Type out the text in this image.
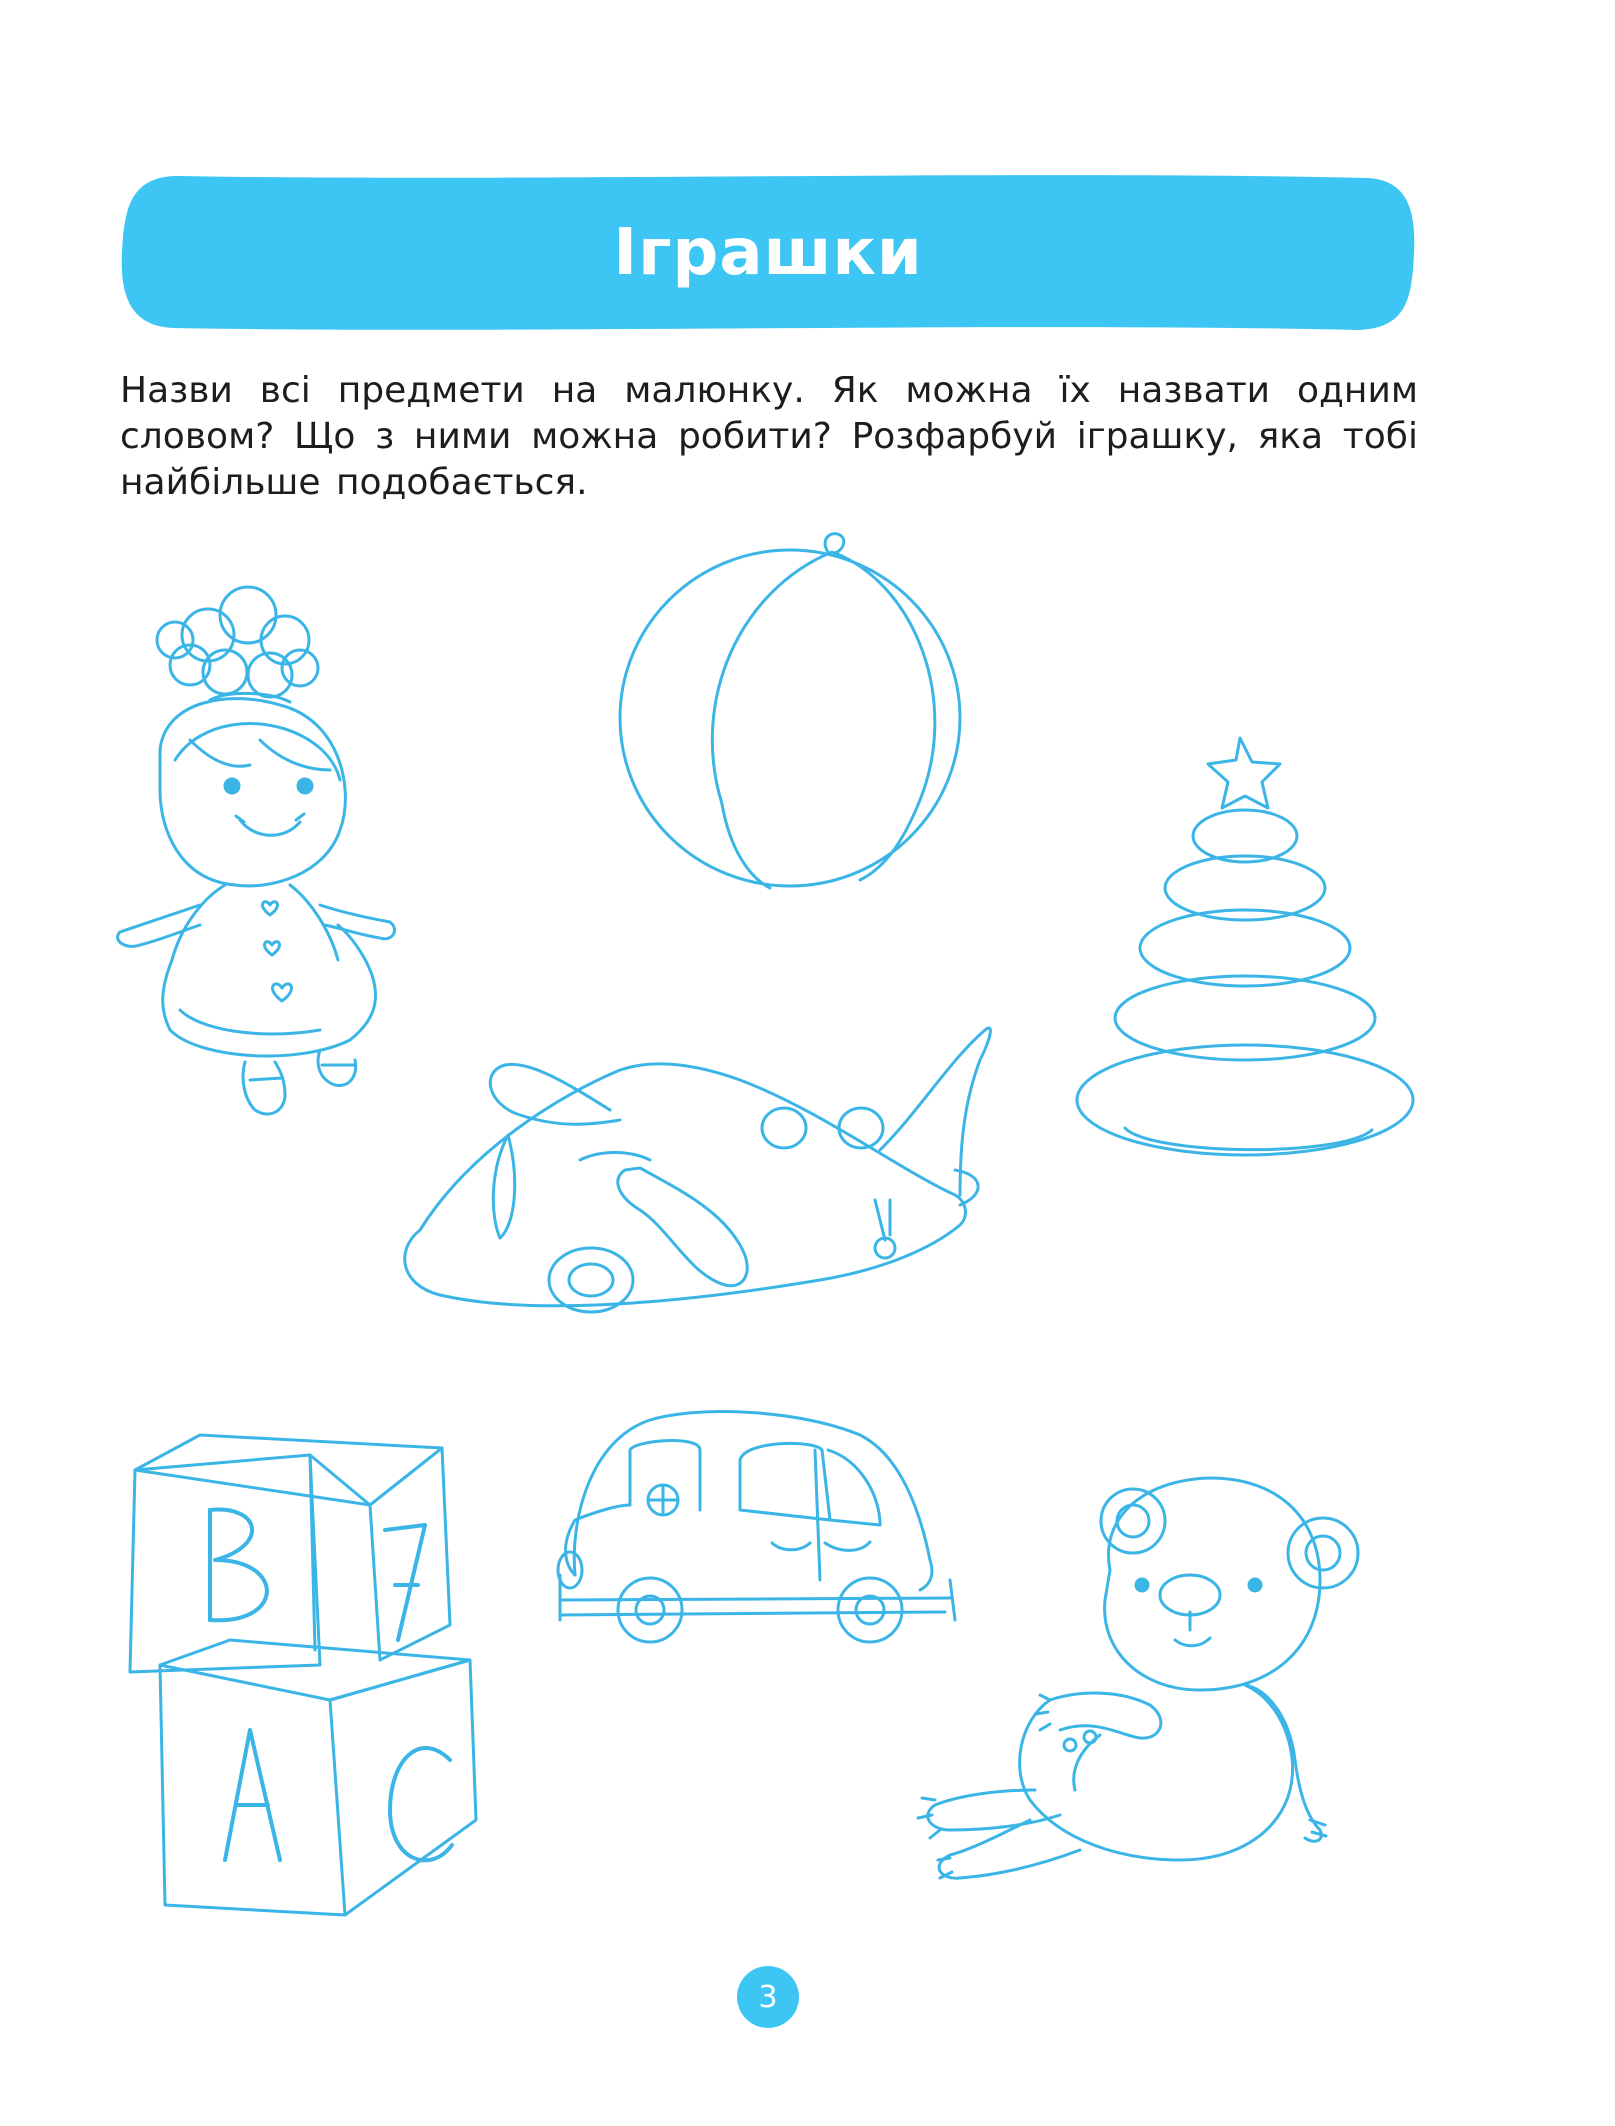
Іграшки

Назви всі предмети на малюнку. Як можна їх назвати одним словом? Що з ними можна робити? Розфарбуй іграшку, яка тобі найбільше подобається.

3
